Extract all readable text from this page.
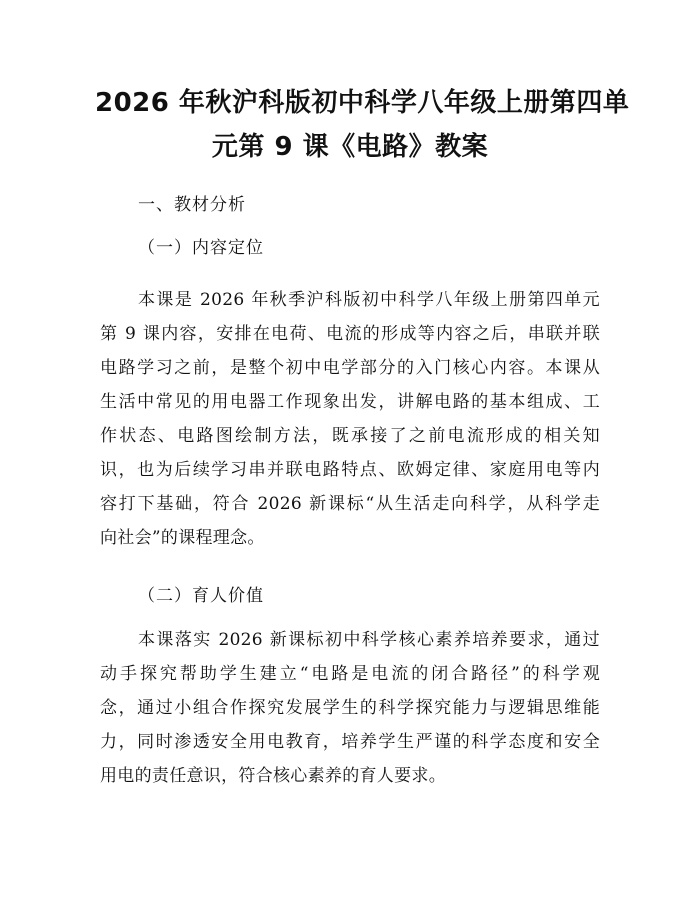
2026 年秋沪科版初中科学八年级上册第四单
元第 9 课《电路》教案
一、教材分析
（一）内容定位
本课是 2026 年秋季沪科版初中科学八年级上册第四单元
第 9 课内容，安排在电荷、电流的形成等内容之后，串联并联
电路学习之前，是整个初中电学部分的入门核心内容。本课从
生活中常见的用电器工作现象出发，讲解电路的基本组成、工
作状态、电路图绘制方法，既承接了之前电流形成的相关知
识，也为后续学习串并联电路特点、欧姆定律、家庭用电等内
容打下基础，符合 2026 新课标“从生活走向科学，从科学走
向社会”的课程理念。
（二）育人价值
本课落实 2026 新课标初中科学核心素养培养要求，通过
动手探究帮助学生建立“电路是电流的闭合路径”的科学观
念，通过小组合作探究发展学生的科学探究能力与逻辑思维能
力，同时渗透安全用电教育，培养学生严谨的科学态度和安全
用电的责任意识，符合核心素养的育人要求。
